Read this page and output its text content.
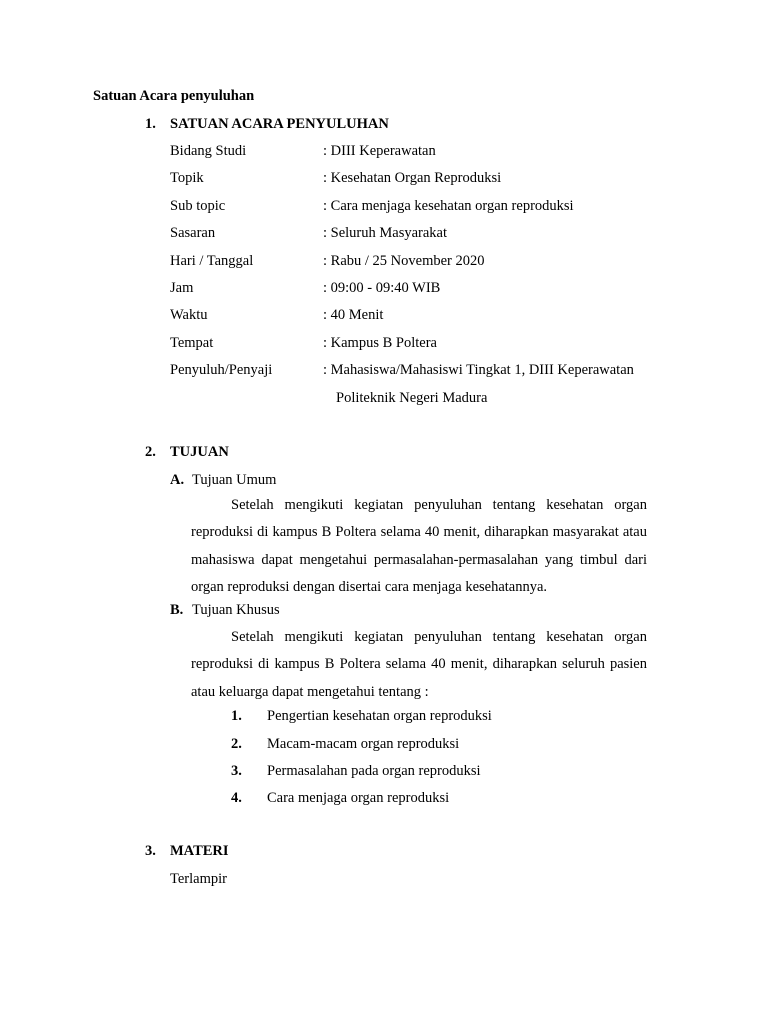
Satuan Acara penyuluhan
1. SATUAN ACARA PENYULUHAN
Bidang Studi	: DIII Keperawatan
Topik	: Kesehatan Organ Reproduksi
Sub topic	: Cara menjaga kesehatan organ reproduksi
Sasaran	: Seluruh Masyarakat
Hari / Tanggal	: Rabu / 25 November 2020
Jam	: 09:00 - 09:40 WIB
Waktu	: 40 Menit
Tempat	: Kampus B Poltera
Penyuluh/Penyaji	: Mahasiswa/Mahasiswi Tingkat 1, DIII Keperawatan
Politeknik Negeri Madura
2. TUJUAN
A. Tujuan Umum
Setelah mengikuti kegiatan penyuluhan tentang kesehatan organ reproduksi di kampus B Poltera selama 40 menit, diharapkan masyarakat atau mahasiswa dapat mengetahui permasalahan-permasalahan yang timbul dari organ reproduksi dengan disertai cara menjaga kesehatannya.
B. Tujuan Khusus
Setelah mengikuti kegiatan penyuluhan tentang kesehatan organ reproduksi di kampus B Poltera selama 40 menit, diharapkan seluruh pasien atau keluarga dapat mengetahui tentang :
1. Pengertian kesehatan organ reproduksi
2. Macam-macam organ reproduksi
3. Permasalahan pada organ reproduksi
4. Cara menjaga organ reproduksi
3. MATERI
Terlampir
